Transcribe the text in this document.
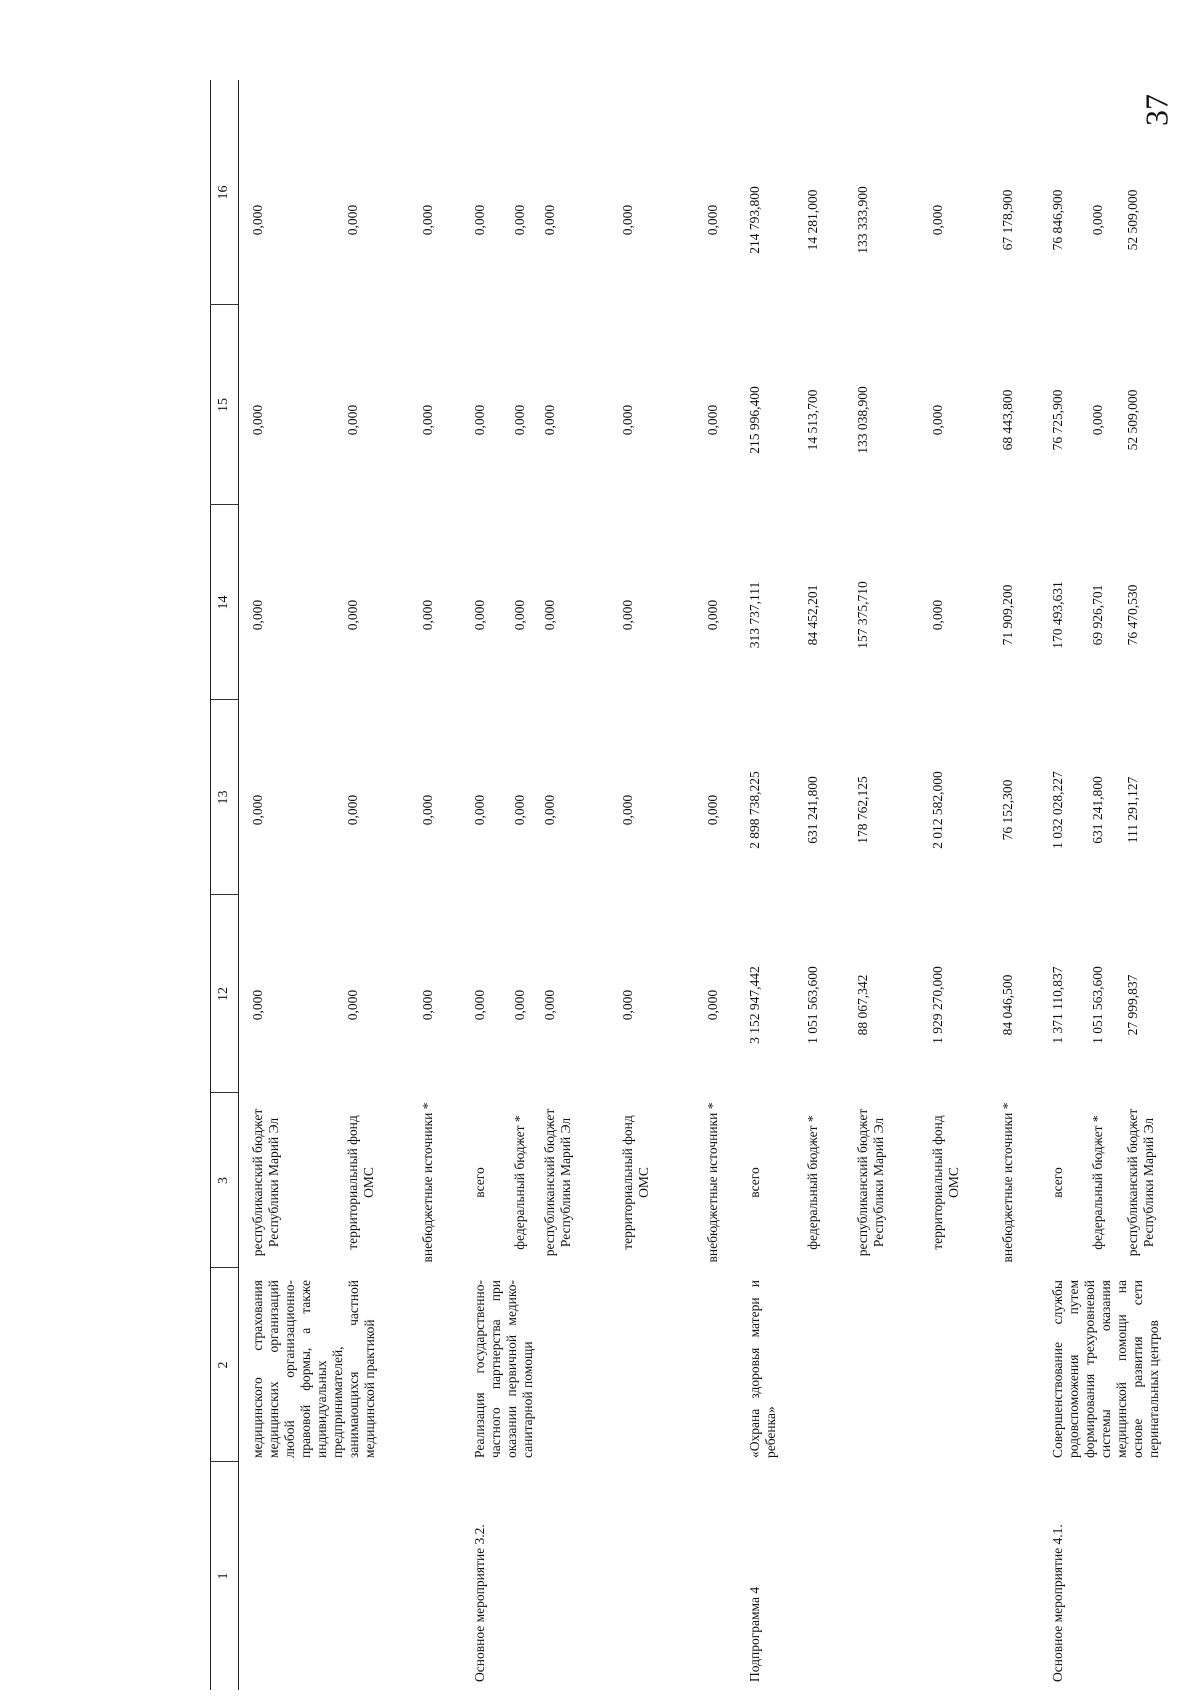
37
1
2
3
12
13
14
15
16
медицинского страхования медицинских организаций любой организационно-правовой формы, а также индивидуальных предпринимателей, занимающихся частной медицинской практикой
республиканский бюджет Республики Марий Эл
0,000
0,000
0,000
0,000
0,000
территориальный фонд ОМС
0,000
0,000
0,000
0,000
0,000
внебюджетные источники *
0,000
0,000
0,000
0,000
0,000
Основное мероприятие 3.2.
Реализация государственно-частного партнерства при оказании первичной медико-санитарной помощи
всего
0,000
0,000
0,000
0,000
0,000
федеральный бюджет *
0,000
0,000
0,000
0,000
0,000
республиканский бюджет Республики Марий Эл
0,000
0,000
0,000
0,000
0,000
территориальный фонд ОМС
0,000
0,000
0,000
0,000
0,000
внебюджетные источники *
0,000
0,000
0,000
0,000
0,000
Подпрограмма 4
«Охрана здоровья матери и ребенка»
всего
3 152 947,442
2 898 738,225
313 737,111
215 996,400
214 793,800
федеральный бюджет *
1 051 563,600
631 241,800
84 452,201
14 513,700
14 281,000
республиканский бюджет Республики Марий Эл
88 067,342
178 762,125
157 375,710
133 038,900
133 333,900
территориальный фонд ОМС
1 929 270,000
2 012 582,000
0,000
0,000
0,000
внебюджетные источники *
84 046,500
76 152,300
71 909,200
68 443,800
67 178,900
Основное мероприятие 4.1.
Совершенствование службы родовспоможения путем формирования трехуровневой системы оказания медицинской помощи на основе развития сети перинатальных центров
всего
1 371 110,837
1 032 028,227
170 493,631
76 725,900
76 846,900
федеральный бюджет *
1 051 563,600
631 241,800
69 926,701
0,000
0,000
республиканский бюджет Республики Марий Эл
27 999,837
111 291,127
76 470,530
52 509,000
52 509,000
